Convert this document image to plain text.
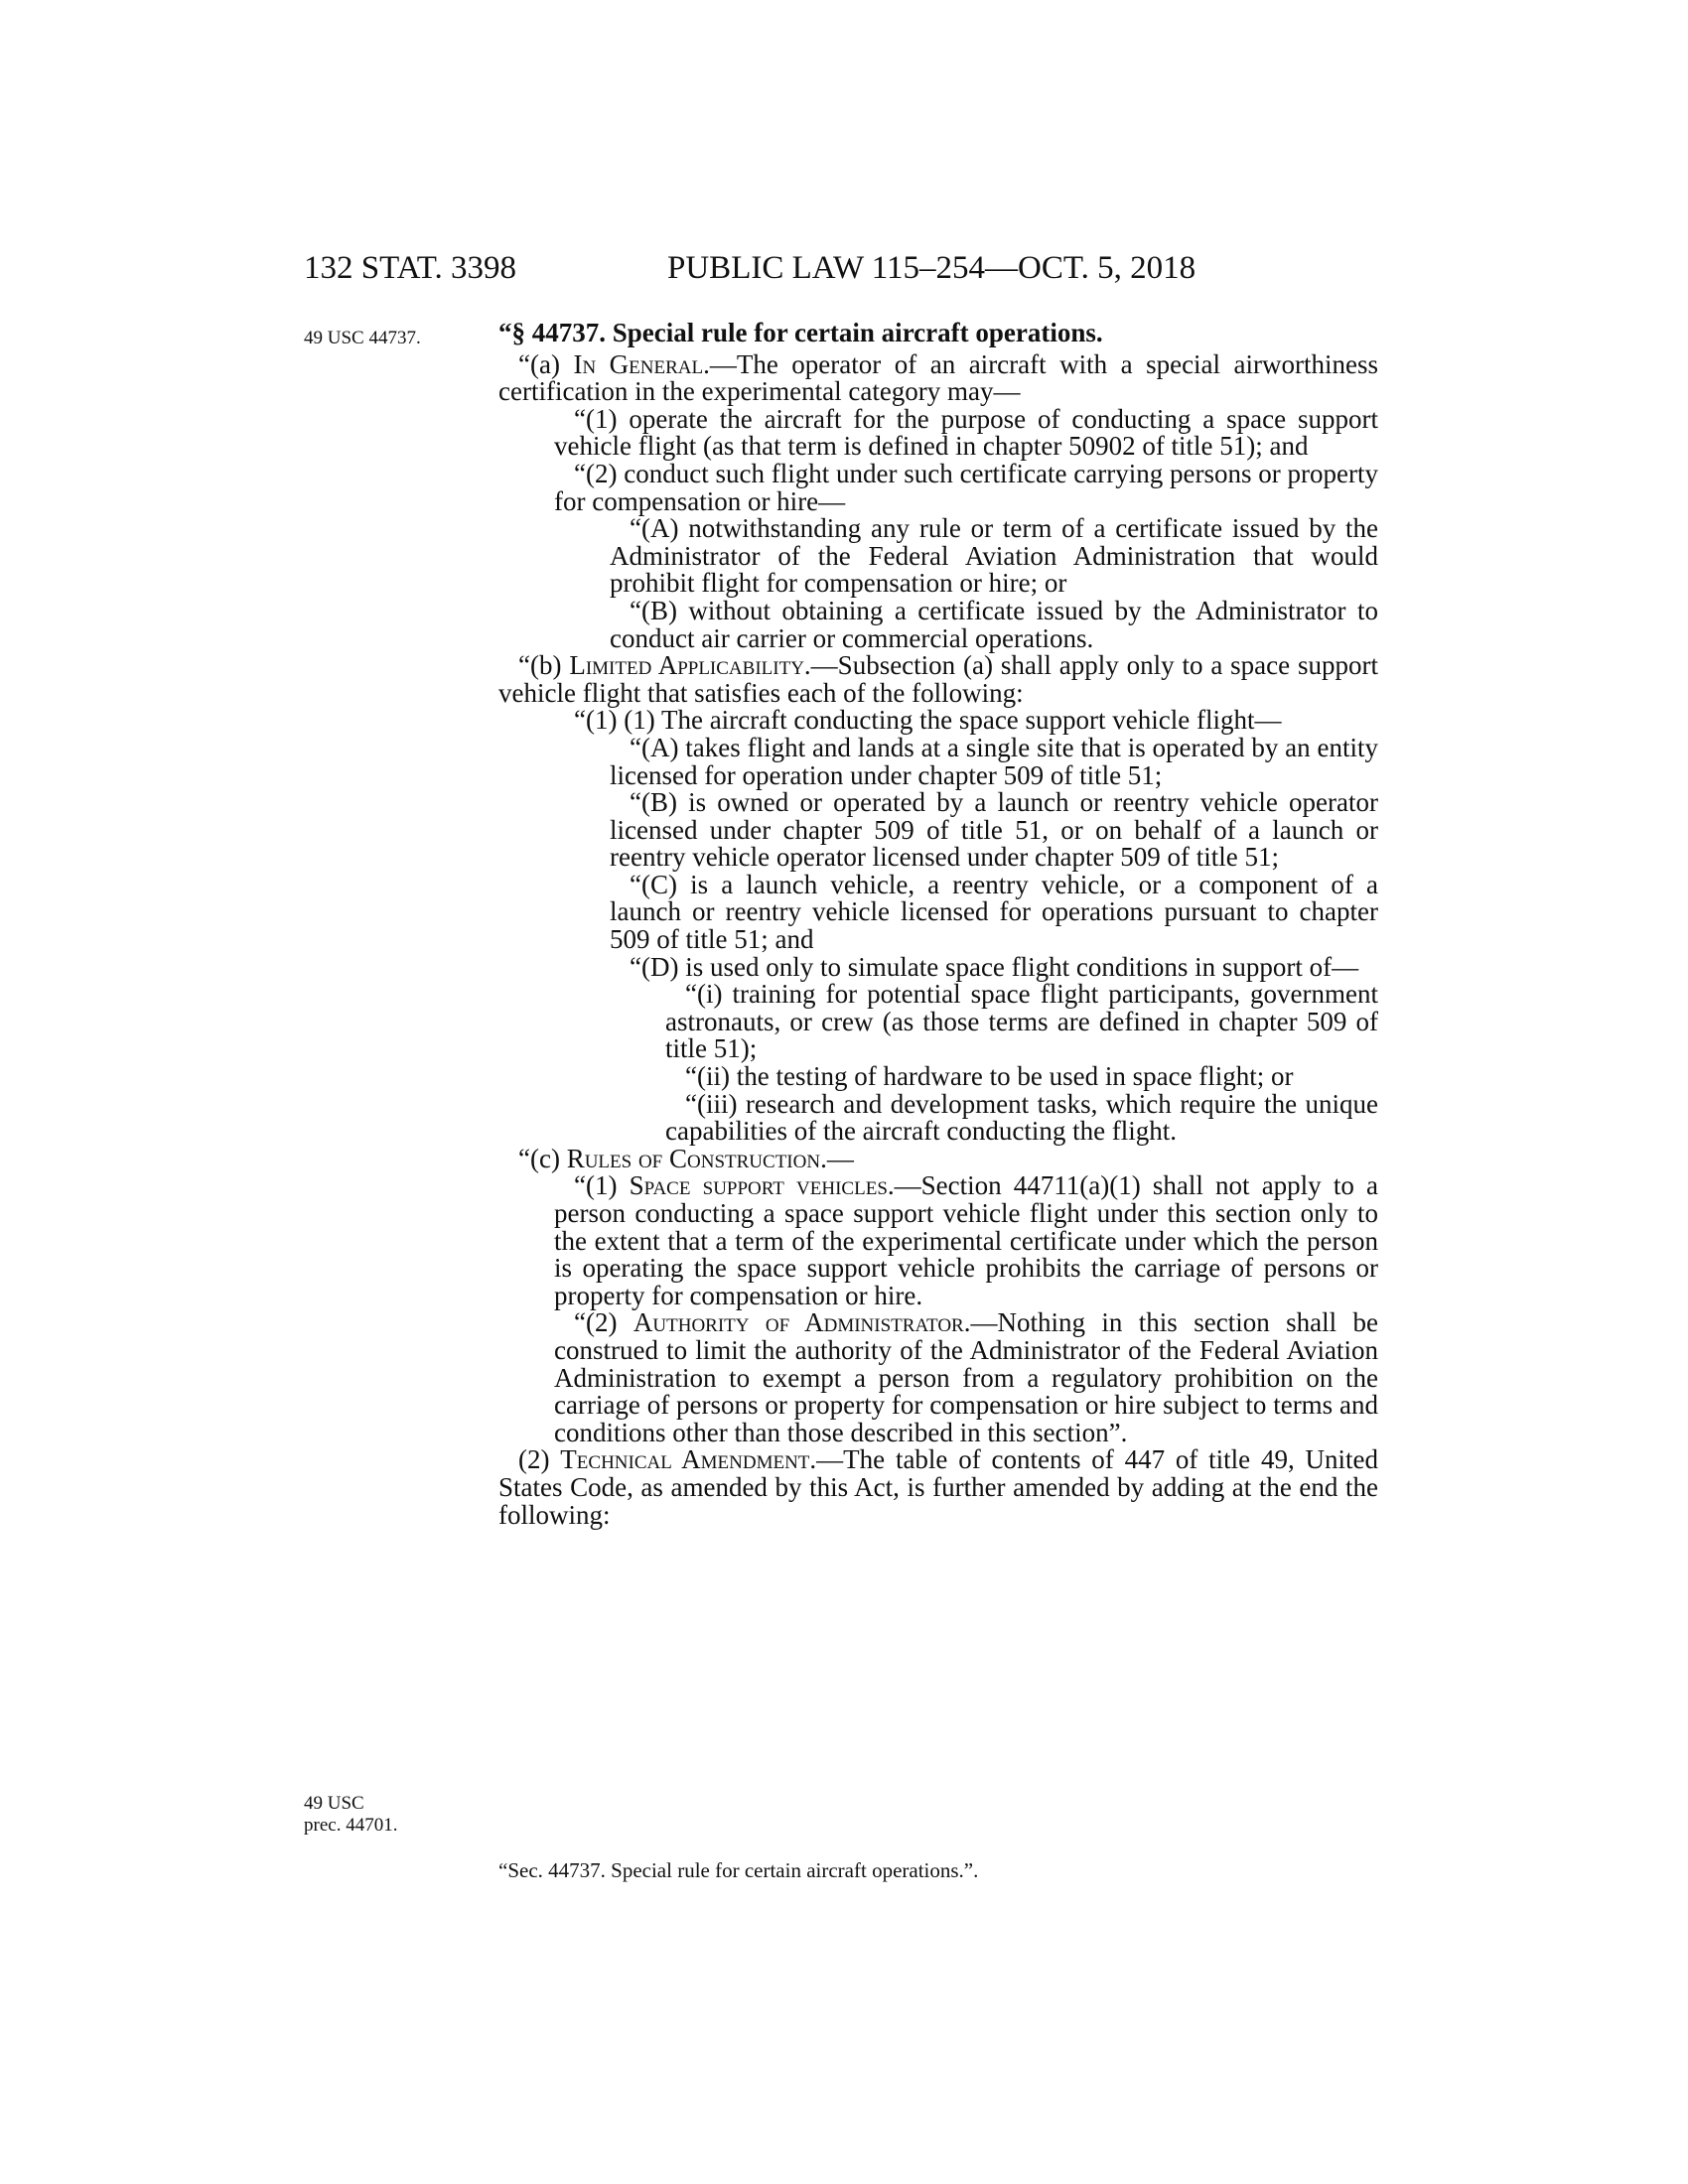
132 STAT. 3398	PUBLIC LAW 115–254—OCT. 5, 2018
49 USC 44737.
49 USC
prec. 44701.

“§ 44737. Special rule for certain aircraft operations.

“(a) In General.—The operator of an aircraft with a special airworthiness certification in the experimental category may—

“(1) operate the aircraft for the purpose of conducting a space support vehicle flight (as that term is defined in chapter 50902 of title 51); and

“(2) conduct such flight under such certificate carrying persons or property for compensation or hire—

“(A) notwithstanding any rule or term of a certificate issued by the Administrator of the Federal Aviation Administration that would prohibit flight for compensation or hire; or

“(B) without obtaining a certificate issued by the Administrator to conduct air carrier or commercial operations.

“(b) Limited Applicability.—Subsection (a) shall apply only to a space support vehicle flight that satisfies each of the following:

“(1) (1) The aircraft conducting the space support vehicle flight—

“(A) takes flight and lands at a single site that is operated by an entity licensed for operation under chapter 509 of title 51;

“(B) is owned or operated by a launch or reentry vehicle operator licensed under chapter 509 of title 51, or on behalf of a launch or reentry vehicle operator licensed under chapter 509 of title 51;

“(C) is a launch vehicle, a reentry vehicle, or a component of a launch or reentry vehicle licensed for operations pursuant to chapter 509 of title 51; and

“(D) is used only to simulate space flight conditions in support of—

“(i) training for potential space flight participants, government astronauts, or crew (as those terms are defined in chapter 509 of title 51);

“(ii) the testing of hardware to be used in space flight; or

“(iii) research and development tasks, which require the unique capabilities of the aircraft conducting the flight.

“(c) Rules of Construction.—

“(1) Space support vehicles.—Section 44711(a)(1) shall not apply to a person conducting a space support vehicle flight under this section only to the extent that a term of the experimental certificate under which the person is operating the space support vehicle prohibits the carriage of persons or property for compensation or hire.

“(2) Authority of Administrator.—Nothing in this section shall be construed to limit the authority of the Administrator of the Federal Aviation Administration to exempt a person from a regulatory prohibition on the carriage of persons or property for compensation or hire subject to terms and conditions other than those described in this section”.

(2) Technical Amendment.—The table of contents of 447 of title 49, United States Code, as amended by this Act, is further amended by adding at the end the following:

“Sec. 44737. Special rule for certain aircraft operations.”.
